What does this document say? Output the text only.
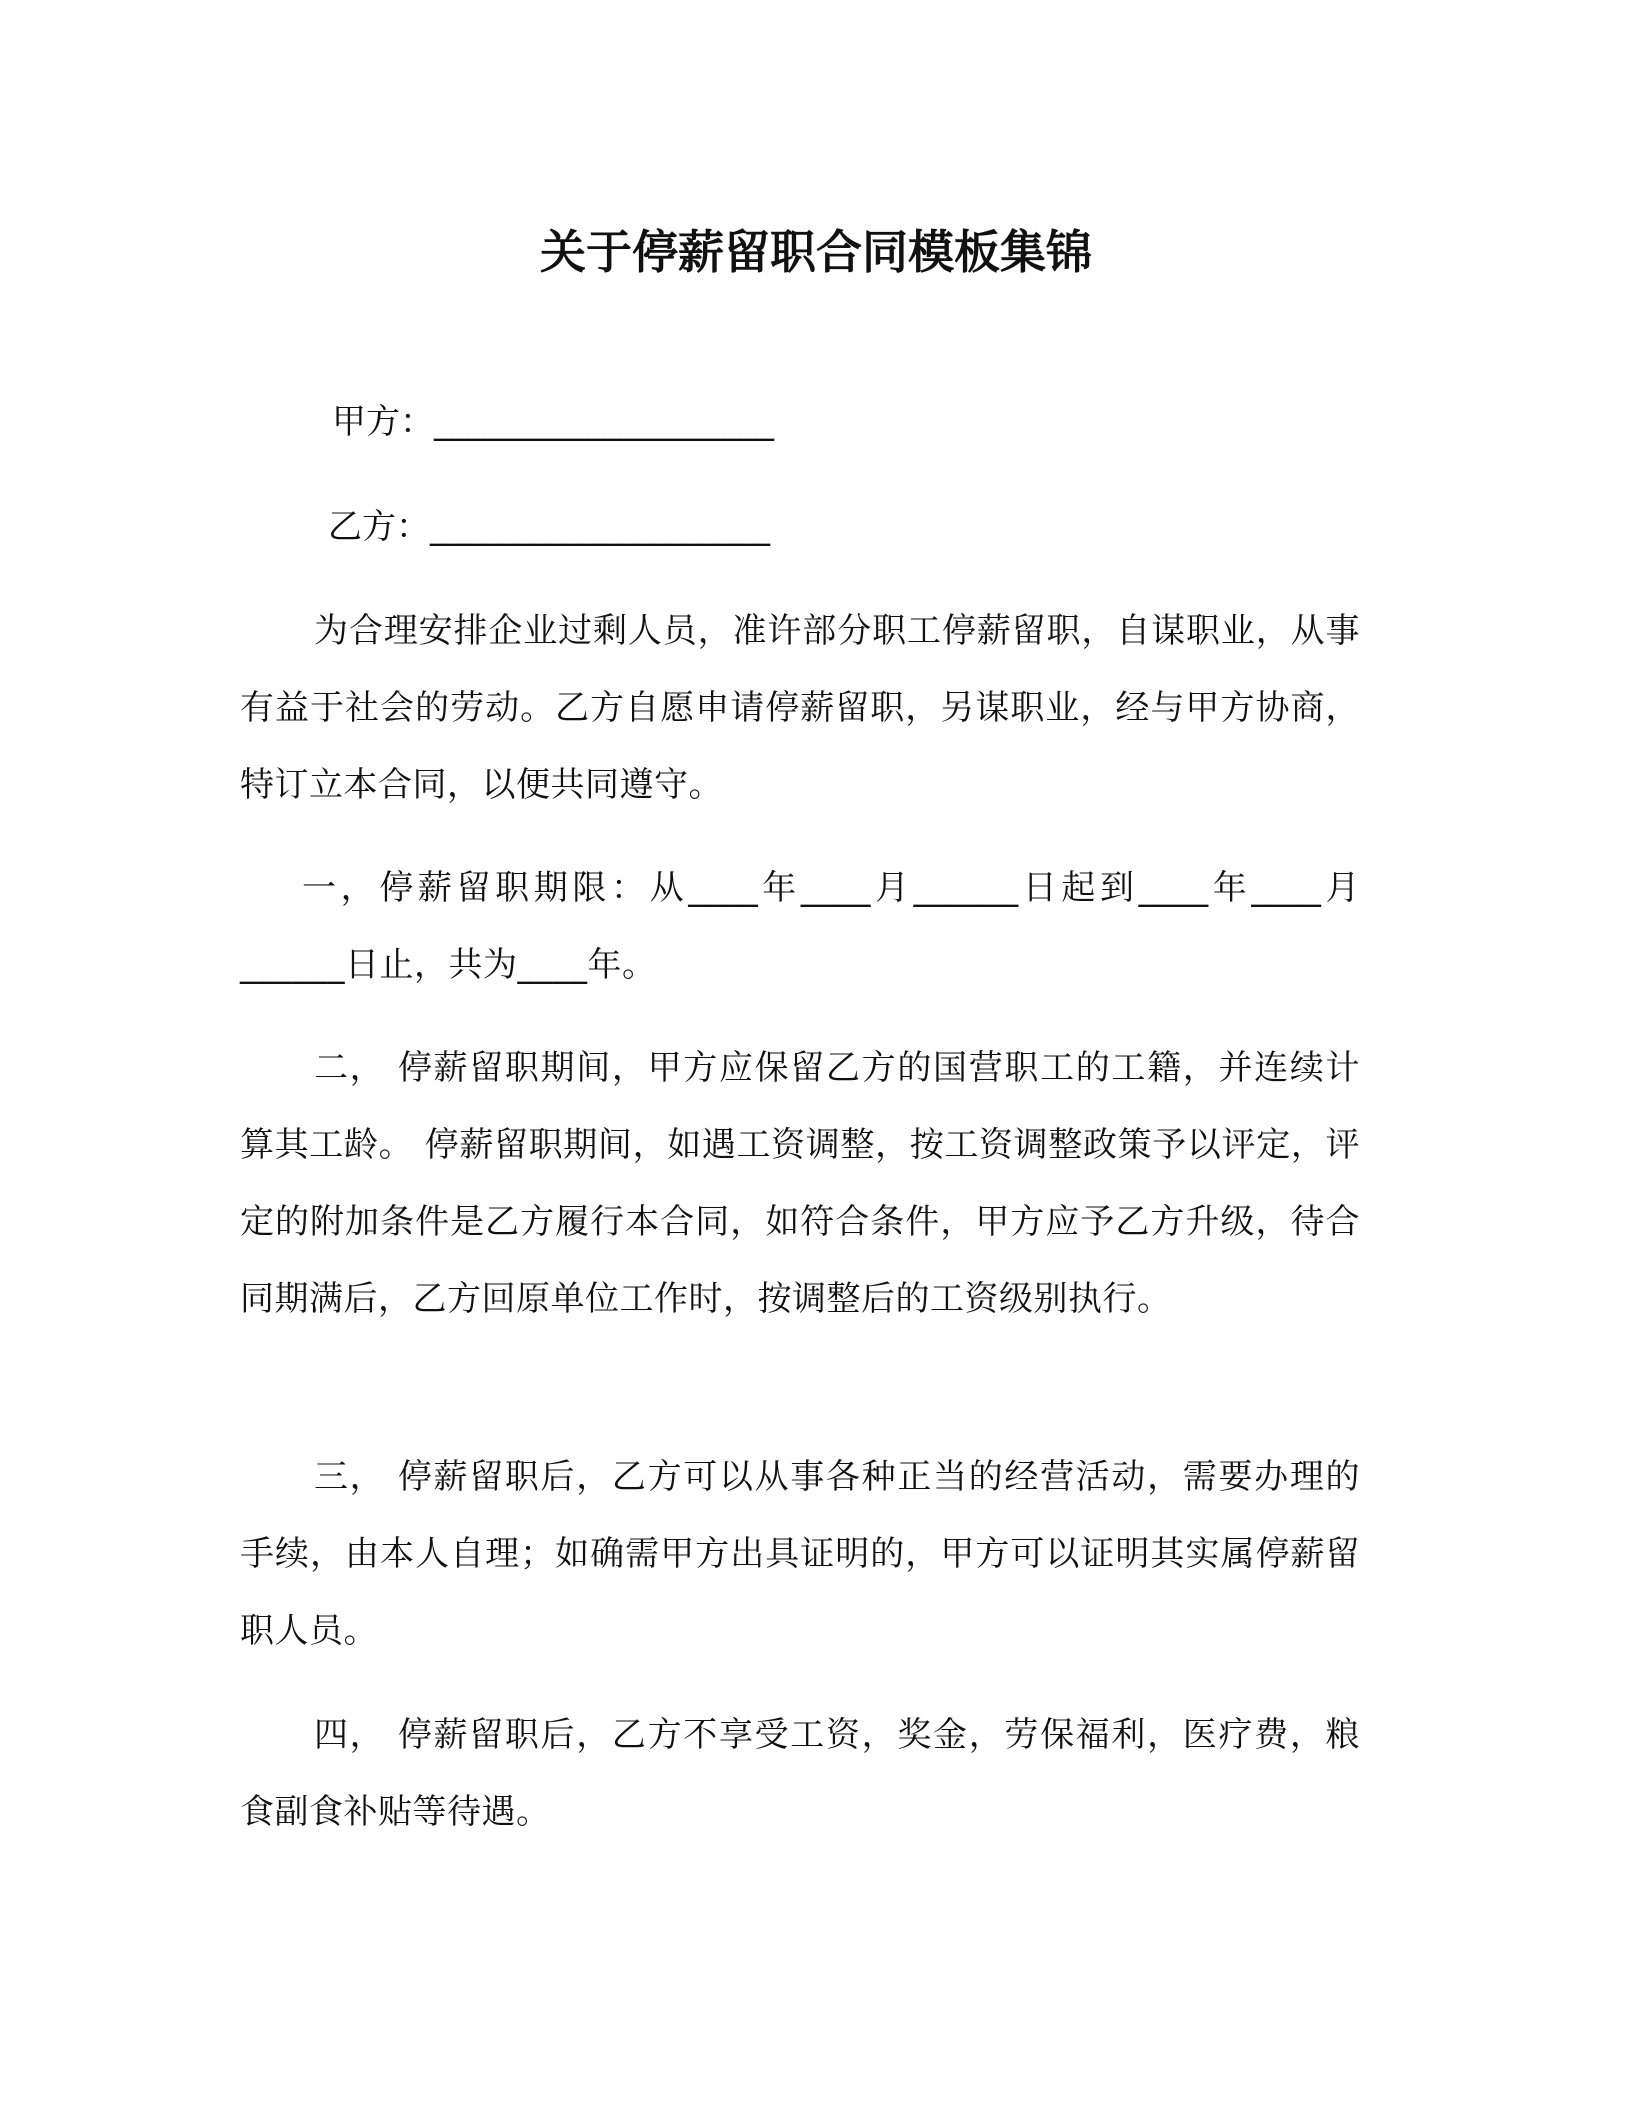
关于停薪留职合同模板集锦

甲方：____________________

乙方：____________________

为合理安排企业过剩人员，准许部分职工停薪留职，自谋职业，从事有益于社会的劳动。乙方自愿申请停薪留职，另谋职业，经与甲方协商，特订立本合同，以便共同遵守。

一，停薪留职期限：从____年____月______日起到____年____月______日止，共为____年。

二， 停薪留职期间，甲方应保留乙方的国营职工的工籍，并连续计算其工龄。 停薪留职期间，如遇工资调整，按工资调整政策予以评定，评定的附加条件是乙方履行本合同，如符合条件，甲方应予乙方升级，待合同期满后，乙方回原单位工作时，按调整后的工资级别执行。

三， 停薪留职后，乙方可以从事各种正当的经营活动，需要办理的手续，由本人自理；如确需甲方出具证明的，甲方可以证明其实属停薪留职人员。

四， 停薪留职后，乙方不享受工资，奖金，劳保福利，医疗费，粮食副食补贴等待遇。
